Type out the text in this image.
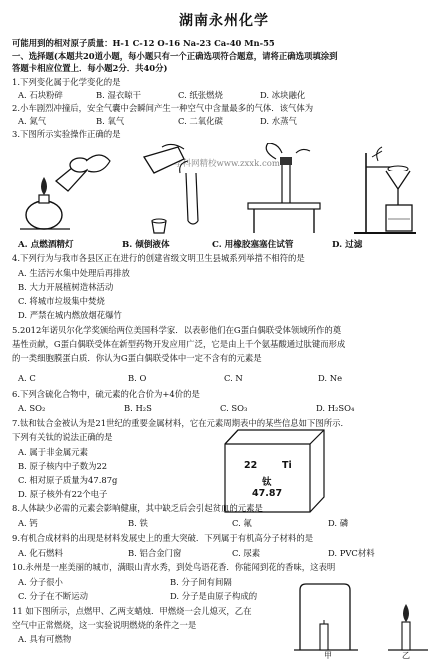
湖南永州化学
可能用到的相对原子质量：H-1 C-12 O-16 Na-23 Ca-40 Mn-55
一、选择题(本题共20道小题，每小题只有一个正确选项符合题意，请将正确选项填涂到
答题卡相应位置上．每小题2分．共40分)
1.下列变化属于化学变化的是
A. 石块粉碎	B. 湿衣晾干	C. 纸张燃烧	D. 冰块融化
2.小车剧烈冲撞后，安全气囊中会瞬间产生一种空气中含量最多的气体．该气体为
A. 氮气	B. 氧气	C. 二氧化碳	D. 水蒸气
3.下图所示实验操作正确的是
学科网精校www.zxxk.com
A. 点燃酒精灯	B. 倾倒液体	C. 用橡胶塞塞住试管	D. 过滤
4.下列行为与我市各县区正在进行的创建省级文明卫生县城系列举措不相符的是
A. 生活污水集中处理后再排放
B. 大力开展植树造林活动
C. 将城市垃圾集中焚烧
D. 严禁在城内燃放烟花爆竹
5.2012年诺贝尔化学奖颁给两位美国科学家．以表彰他们在G蛋白偶联受体领域所作的奠
基性贡献，G蛋白偶联受体在新型药物开发应用广泛，它是由上千个氨基酸通过肽键而形成
的一类细胞膜蛋白质．你认为G蛋白偶联受体中一定不含有的元素是
A. C	B. O	C. N	D. Ne
6.下列含硫化合物中，硫元素的化合价为+4价的是
A. SO₂	B. H₂S	C. SO₃	D. H₂SO₄
7.钛和钛合金被认为是21世纪的重要金属材料，它在元素周期表中的某些信息如下图所示．
下列有关钛的说法正确的是
A. 属于非金属元素
B. 原子核内中子数为22
C. 相对原子质量为47.87g
D. 原子核外有22个电子
22	Ti
钛
47.87
8.人体缺少必需的元素会影响健康，其中缺乏后会引起贫血的元素是
A. 钙	B. 铁	C. 氟	D. 磷
9.有机合成材料的出现是材料发展史上的重大突破．下列属于有机高分子材料的是
A. 化石燃料	B. 铝合金门窗	C. 尿素	D. PVC材料
10.永州是一座美丽的城市，满眼山青水秀，到处鸟语花香．你能闻到花的香味，这表明
A. 分子很小	B. 分子间有间隔
C. 分子在不断运动	D. 分子是由原子构成的
11 如下图所示，点燃甲、乙两支蜡烛．甲燃烧一会儿熄灭，乙在
空气中正常燃烧，这一实验说明燃烧的条件之一是
A. 具有可燃物
甲	乙
